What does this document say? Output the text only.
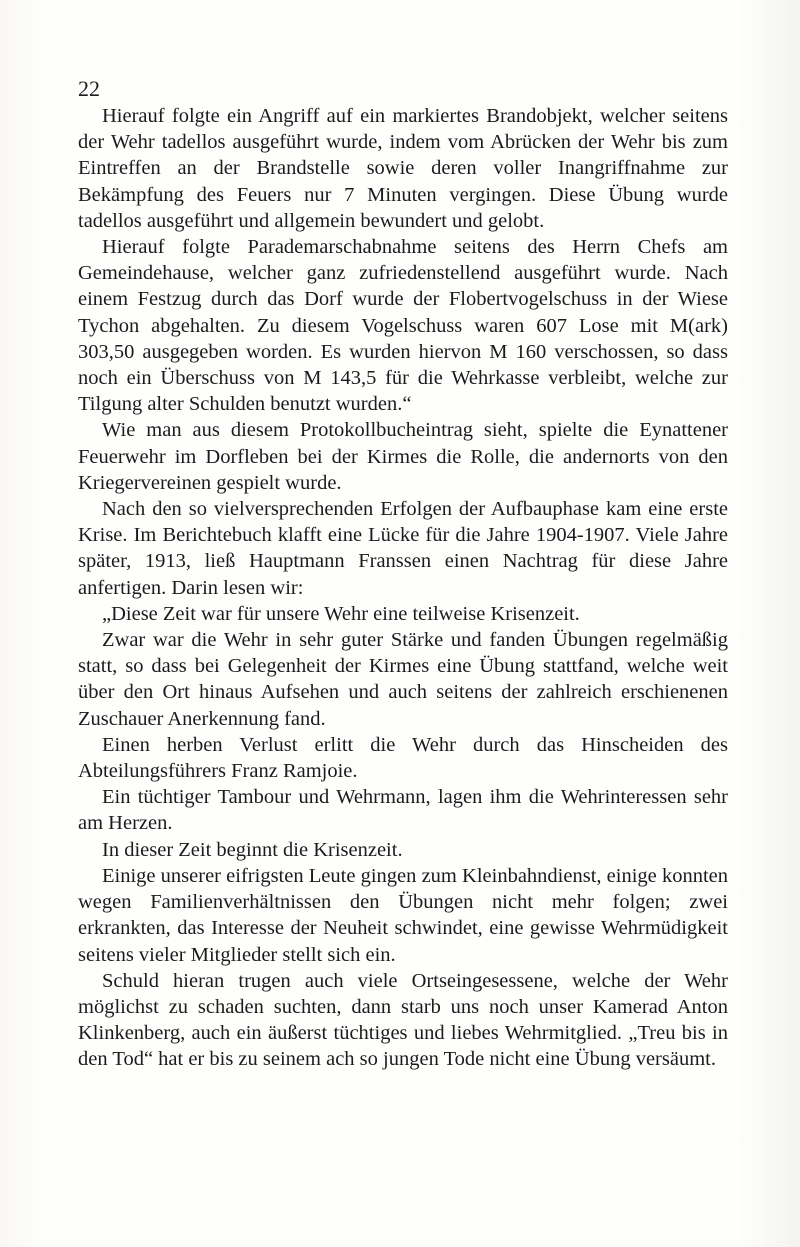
22

Hierauf folgte ein Angriff auf ein markiertes Brandobjekt, welcher seitens der Wehr tadellos ausgeführt wurde, indem vom Abrücken der Wehr bis zum Eintreffen an der Brandstelle sowie deren voller Inangriffnahme zur Bekämpfung des Feuers nur 7 Minuten vergingen. Diese Übung wurde tadellos ausgeführt und allgemein bewundert und gelobt.

Hierauf folgte Parademarschabnahme seitens des Herrn Chefs am Gemeindehause, welcher ganz zufriedenstellend ausgeführt wurde. Nach einem Festzug durch das Dorf wurde der Flobertvogelschuss in der Wiese Tychon abgehalten. Zu diesem Vogelschuss waren 607 Lose mit M(ark) 303,50 ausgegeben worden. Es wurden hiervon M 160 verschossen, so dass noch ein Überschuss von M 143,5 für die Wehrkasse verbleibt, welche zur Tilgung alter Schulden benutzt wurden.“

Wie man aus diesem Protokollbucheintrag sieht, spielte die Eynattener Feuerwehr im Dorfleben bei der Kirmes die Rolle, die andernorts von den Kriegervereinen gespielt wurde.

Nach den so vielversprechenden Erfolgen der Aufbauphase kam eine erste Krise. Im Berichtebuch klafft eine Lücke für die Jahre 1904-1907. Viele Jahre später, 1913, ließ Hauptmann Franssen einen Nachtrag für diese Jahre anfertigen. Darin lesen wir:

„Diese Zeit war für unsere Wehr eine teilweise Krisenzeit.

Zwar war die Wehr in sehr guter Stärke und fanden Übungen regelmäßig statt, so dass bei Gelegenheit der Kirmes eine Übung stattfand, welche weit über den Ort hinaus Aufsehen und auch seitens der zahlreich erschienenen Zuschauer Anerkennung fand.

Einen herben Verlust erlitt die Wehr durch das Hinscheiden des Abteilungsführers Franz Ramjoie.

Ein tüchtiger Tambour und Wehrmann, lagen ihm die Wehrinteressen sehr am Herzen.

In dieser Zeit beginnt die Krisenzeit.

Einige unserer eifrigsten Leute gingen zum Kleinbahndienst, einige konnten wegen Familienverhältnissen den Übungen nicht mehr folgen; zwei erkrankten, das Interesse der Neuheit schwindet, eine gewisse Wehrmüdigkeit seitens vieler Mitglieder stellt sich ein.

Schuld hieran trugen auch viele Ortseingesessene, welche der Wehr möglichst zu schaden suchten, dann starb uns noch unser Kamerad Anton Klinkenberg, auch ein äußerst tüchtiges und liebes Wehrmitglied. „Treu bis in den Tod“ hat er bis zu seinem ach so jungen Tode nicht eine Übung versäumt.
